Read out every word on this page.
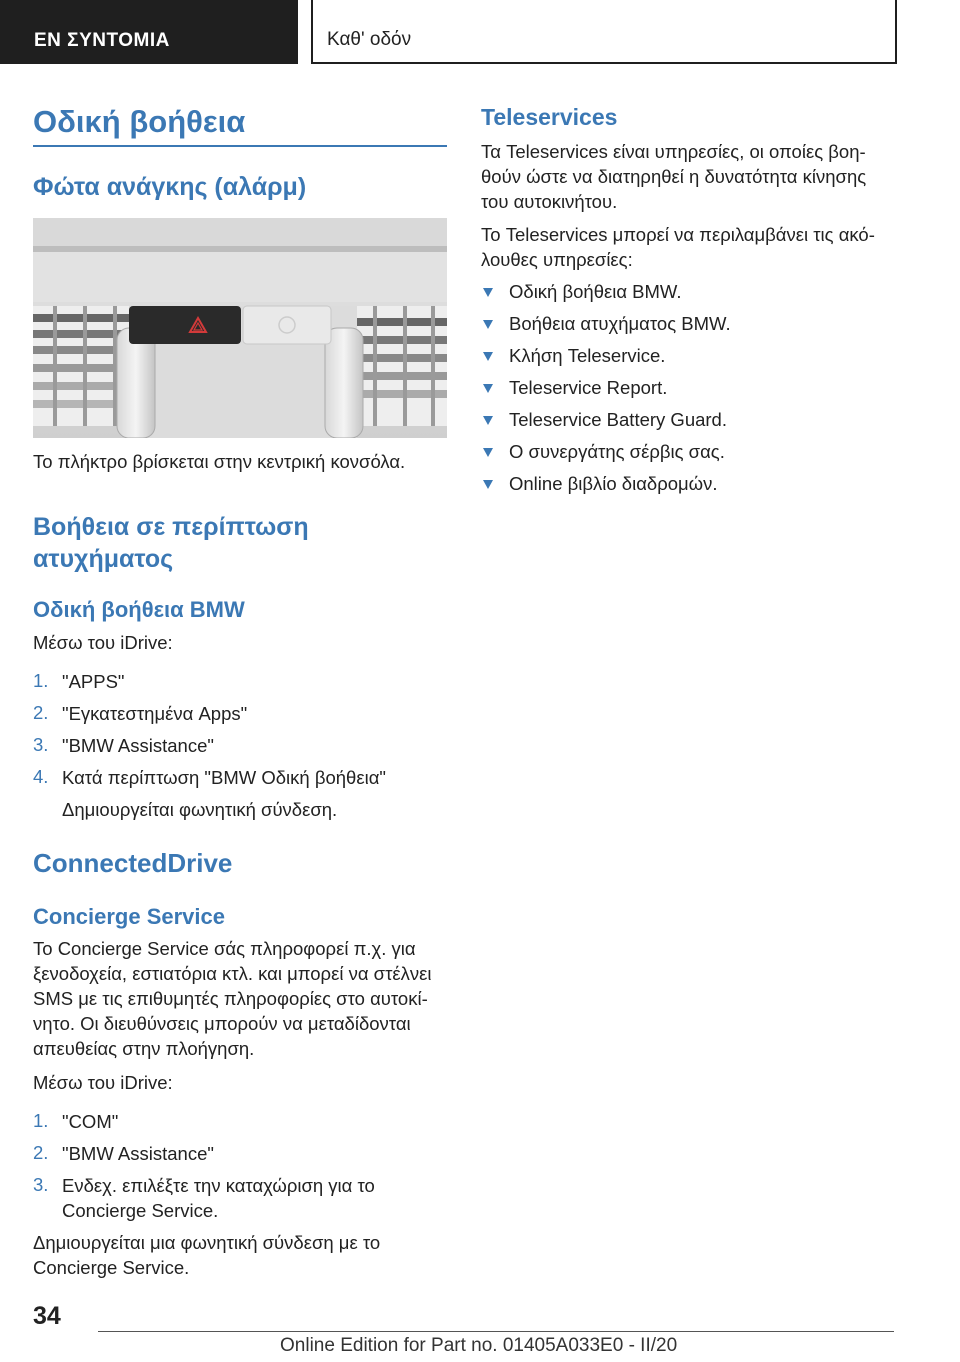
ΕΝ ΣΥΝΤΟΜΙΑ	Καθ' οδόν
Οδική βοήθεια
Φώτα ανάγκης (αλάρμ)
Το πλήκτρο βρίσκεται στην κεντρική κονσόλα.
Βοήθεια σε περίπτωση
ατυχήματος
Οδική βοήθεια BMW
Μέσω του iDrive:
1. "APPS"
2. "Εγκατεστημένα Apps"
3. "BMW Assistance"
4. Κατά περίπτωση "BMW Οδική βοήθεια"
Δημιουργείται φωνητική σύνδεση.
ConnectedDrive
Concierge Service
Το Concierge Service σάς πληροφορεί π.χ. για
ξενοδοχεία, εστιατόρια κτλ. και μπορεί να στέλνει
SMS με τις επιθυμητές πληροφορίες στο αυτοκί-
νητο. Οι διευθύνσεις μπορούν να μεταδίδονται
απευθείας στην πλοήγηση.
Μέσω του iDrive:
1. "COM"
2. "BMW Assistance"
3. Ενδεχ. επιλέξτε την καταχώριση για το
Concierge Service.
Δημιουργείται μια φωνητική σύνδεση με το
Concierge Service.
Teleservices
Τα Teleservices είναι υπηρεσίες, οι οποίες βοη-
θούν ώστε να διατηρηθεί η δυνατότητα κίνησης
του αυτοκινήτου.
Το Teleservices μπορεί να περιλαμβάνει τις ακό-
λουθες υπηρεσίες:
Οδική βοήθεια BMW.
Βοήθεια ατυχήματος BMW.
Κλήση Teleservice.
Teleservice Report.
Teleservice Battery Guard.
Ο συνεργάτης σέρβις σας.
Online βιβλίο διαδρομών.
34
Online Edition for Part no. 01405A033E0 - II/20
